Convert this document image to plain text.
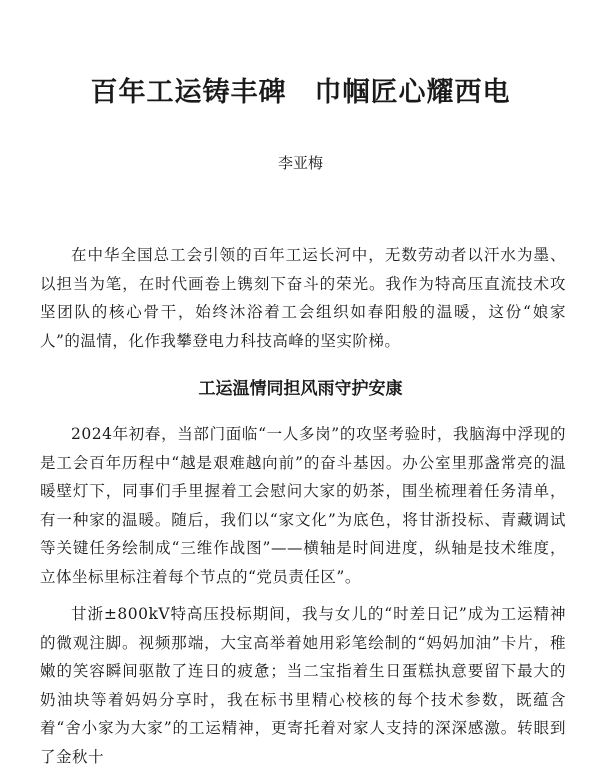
百年工运铸丰碑　巾帼匠心耀西电

李亚梅

在中华全国总工会引领的百年工运长河中，无数劳动者以汗水为墨、以担当为笔，在时代画卷上镌刻下奋斗的荣光。我作为特高压直流技术攻坚团队的核心骨干，始终沐浴着工会组织如春阳般的温暖，这份“娘家人”的温情，化作我攀登电力科技高峰的坚实阶梯。

工运温情同担风雨守护安康

2024年初春，当部门面临“一人多岗”的攻坚考验时，我脑海中浮现的是工会百年历程中“越是艰难越向前”的奋斗基因。办公室里那盏常亮的温暖壁灯下，同事们手里握着工会慰问大家的奶茶，围坐梳理着任务清单，有一种家的温暖。随后，我们以“家文化”为底色，将甘浙投标、青藏调试等关键任务绘制成“三维作战图”——横轴是时间进度，纵轴是技术维度，立体坐标里标注着每个节点的“党员责任区”。

甘浙±800kV特高压投标期间，我与女儿的“时差日记”成为工运精神的微观注脚。视频那端，大宝高举着她用彩笔绘制的“妈妈加油”卡片，稚嫩的笑容瞬间驱散了连日的疲惫；当二宝指着生日蛋糕执意要留下最大的奶油块等着妈妈分享时，我在标书里精心校核的每个技术参数，既蕴含着“舍小家为大家”的工运精神，更寄托着对家人支持的深深感激。转眼到了金秋十
